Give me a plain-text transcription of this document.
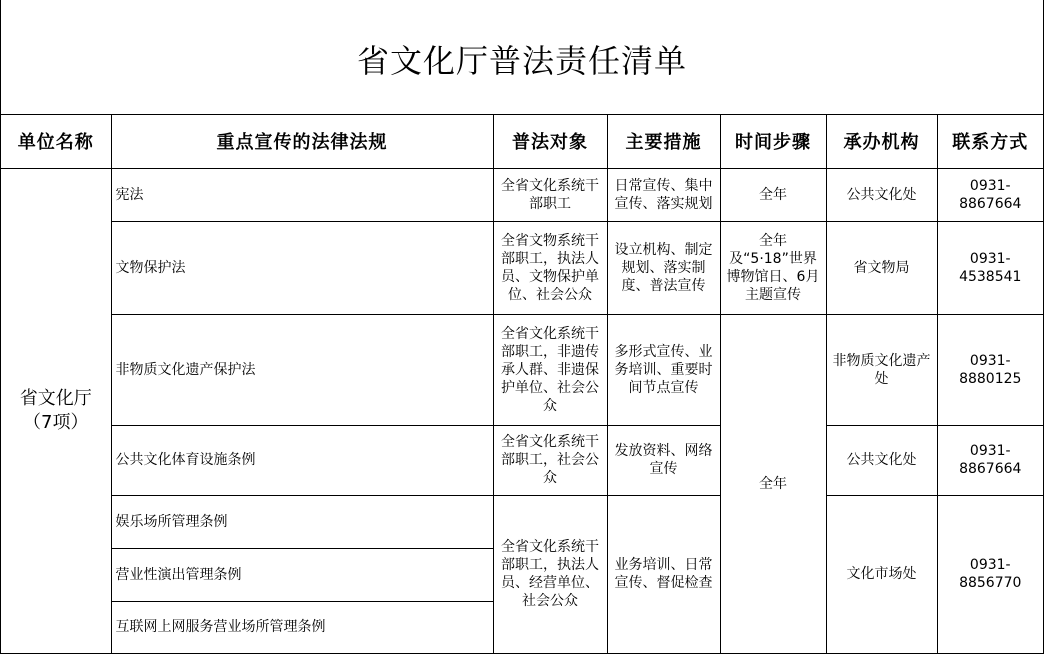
省文化厅普法责任清单
单位名称	重点宣传的法律法规	普法对象	主要措施	时间步骤	承办机构	联系方式

省文化厅
（7项）	宪法	全省文化系统干部职工	日常宣传、集中宣传、落实规划	全年	公共文化处	0931-8867664
	文物保护法	全省文物系统干部职工，执法人员、文物保护单位、社会公众	设立机构、制定规划、落实制度、普法宣传	全年及“5·18”世界博物馆日、6月主题宣传	省文物局	0931-4538541
	非物质文化遗产保护法	全省文化系统干部职工，非遗传承人群、非遗保护单位、社会公众	多形式宣传、业务培训、重要时间节点宣传	全年	非物质文化遗产处	0931-8880125
	公共文化体育设施条例	全省文化系统干部职工，社会公众	发放资料、网络宣传		公共文化处	0931-8867664
	娱乐场所管理条例	全省文化系统干部职工，执法人员、经营单位、社会公众	业务培训、日常宣传、督促检查		文化市场处	0931-8856770
	营业性演出管理条例					
	互联网上网服务营业场所管理条例					
